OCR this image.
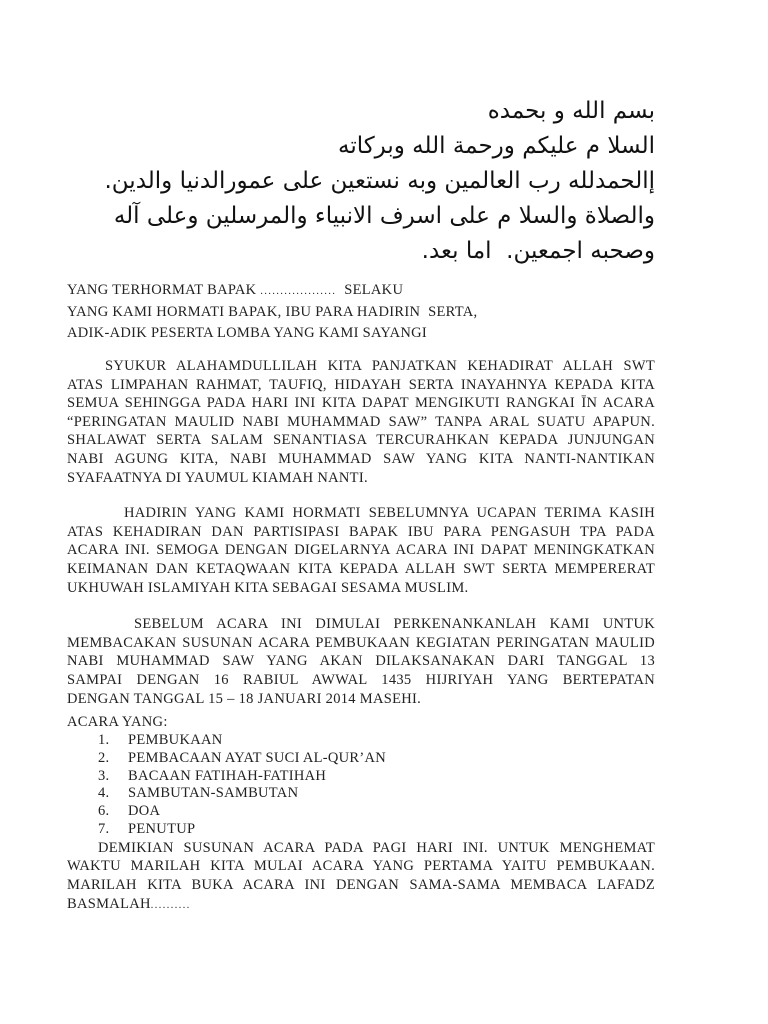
بسم الله و بحمده
السلا م عليكم ورحمة الله وبركاته
إالحمدلله رب العالمين وبه نستعين على عمورالدنيا والدين.
والصلاة والسلا م على اسرف الانبياء والمرسلين وعلى آله
وصحبه اجمعين.  اما بعد.
YANG TERHORMAT BAPAK ...................  SELAKU
YANG KAMI HORMATI BAPAK, IBU PARA HADIRIN  SERTA,
ADIK-ADIK PESERTA LOMBA YANG KAMI SAYANGI
SYUKUR ALAHAMDULLILAH KITA PANJATKAN KEHADIRAT ALLAH SWT
ATAS LIMPAHAN RAHMAT, TAUFIQ, HIDAYAH SERTA INAYAHNYA KEPADA KITA
SEMUA SEHINGGA PADA HARI INI KITA DAPAT MENGIKUTI RANGKAI ĪN ACARA
“PERINGATAN MAULID NABI MUHAMMAD SAW” TANPA ARAL SUATU APAPUN.
SHALAWAT SERTA SALAM SENANTIASA TERCURAHKAN KEPADA JUNJUNGAN
NABI AGUNG KITA, NABI MUHAMMAD SAW YANG KITA NANTI-NANTIKAN
SYAFAATNYA DI YAUMUL KIAMAH NANTI.
HADIRIN YANG KAMI HORMATI SEBELUMNYA UCAPAN TERIMA KASIH
ATAS KEHADIRAN DAN PARTISIPASI BAPAK IBU PARA PENGASUH TPA PADA
ACARA INI. SEMOGA DENGAN DIGELARNYA ACARA INI DAPAT MENINGKATKAN
KEIMANAN DAN KETAQWAAN KITA KEPADA ALLAH SWT SERTA MEMPERERAT
UKHUWAH ISLAMIYAH KITA SEBAGAI SESAMA MUSLIM.
SEBELUM ACARA INI DIMULAI PERKENANKANLAH KAMI UNTUK
MEMBACAKAN SUSUNAN ACARA PEMBUKAAN KEGIATAN PERINGATAN MAULID
NABI MUHAMMAD SAW YANG AKAN DILAKSANAKAN DARI TANGGAL 13
SAMPAI DENGAN 16 RABIUL AWWAL 1435 HIJRIYAH YANG BERTEPATAN
DENGAN TANGGAL 15 – 18 JANUARI 2014 MASEHI.
ACARA YANG:
1.	PEMBUKAAN
2.	PEMBACAAN AYAT SUCI AL-QUR’AN
3.	BACAAN FATIHAH-FATIHAH
4.	SAMBUTAN-SAMBUTAN
6.	DOA
7.	PENUTUP
DEMIKIAN SUSUNAN ACARA PADA PAGI HARI INI. UNTUK MENGHEMAT
WAKTU MARILAH KITA MULAI ACARA YANG PERTAMA YAITU PEMBUKAAN.
MARILAH KITA BUKA ACARA INI DENGAN SAMA-SAMA MEMBACA LAFADZ
BASMALAH..........
